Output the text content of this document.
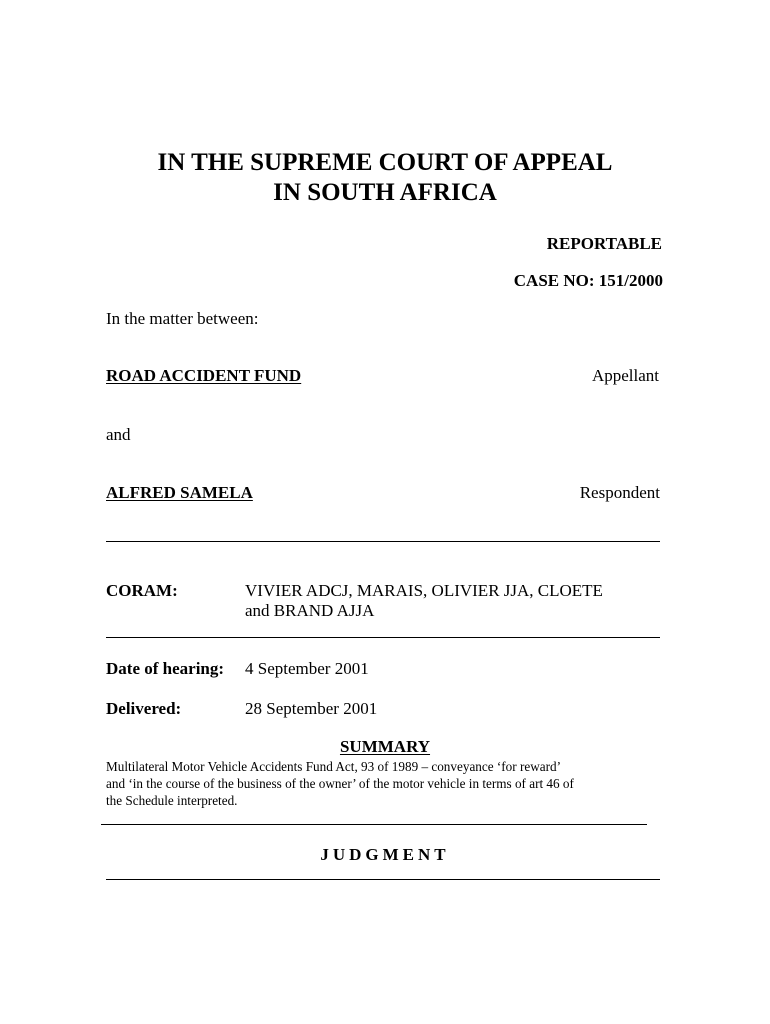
IN THE SUPREME COURT OF APPEAL
IN SOUTH AFRICA

REPORTABLE

CASE NO: 151/2000

In the matter between:

ROAD ACCIDENT FUND	Appellant

and

ALFRED SAMELA	Respondent

CORAM:	VIVIER ADCJ, MARAIS, OLIVIER JJA, CLOETE

and BRAND AJJA

Date of hearing: 4 September 2001

Delivered:	28 September 2001

SUMMARY

Multilateral Motor Vehicle Accidents Fund Act, 93 of 1989 – conveyance ‘for reward’
and ‘in the course of the business of the owner’ of the motor vehicle in terms of art 46 of
the Schedule interpreted.

JUDGMENT
